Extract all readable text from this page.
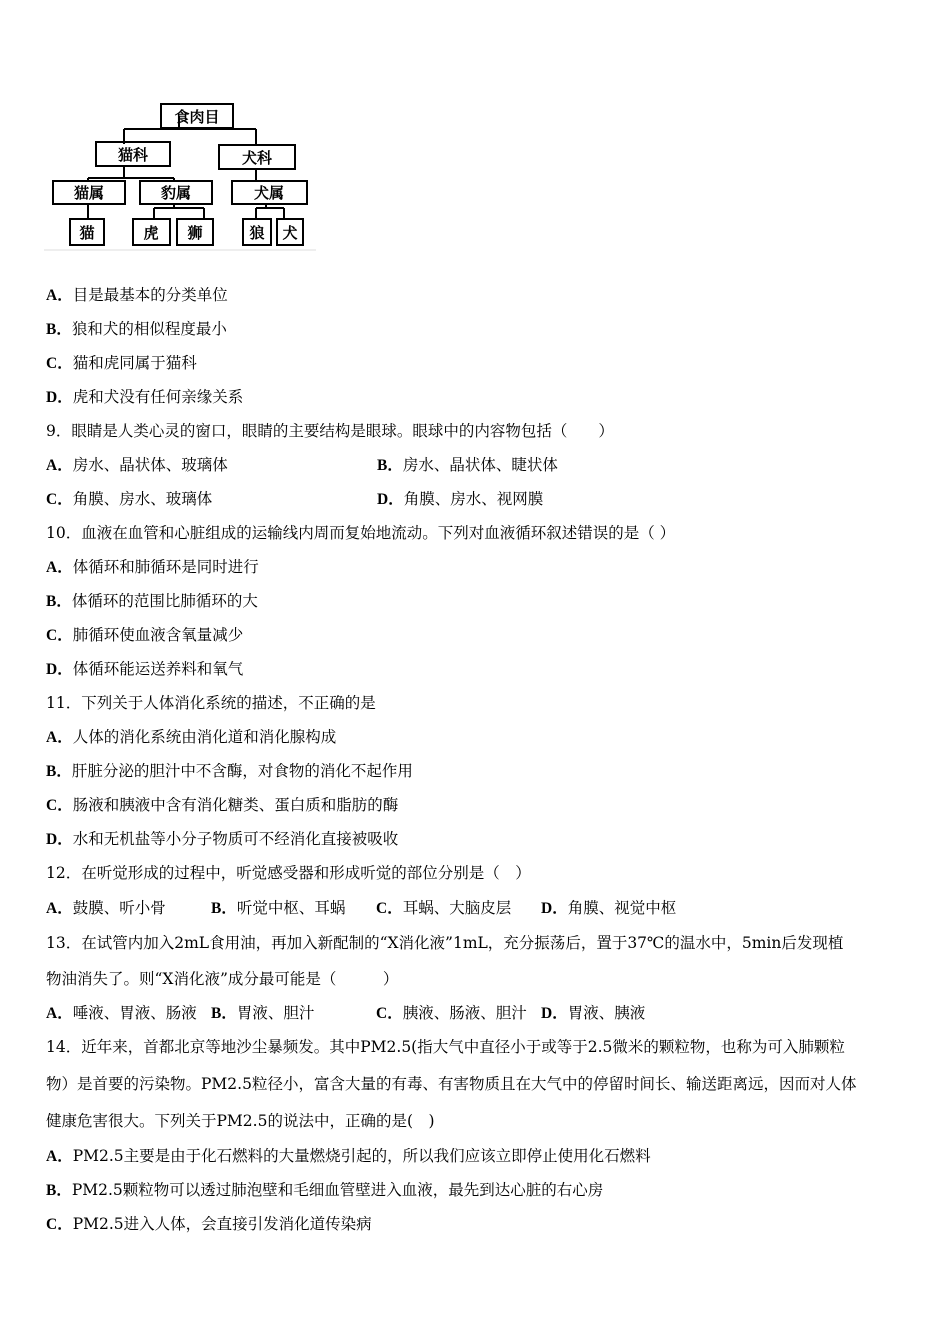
食肉目
猫科	犬科
猫属	豹属	犬属
猫	虎 狮	狼 犬
A．目是最基本的分类单位
B．狼和犬的相似程度最小
C．猫和虎同属于猫科
D．虎和犬没有任何亲缘关系
9．眼睛是人类心灵的窗口，眼睛的主要结构是眼球。眼球中的内容物包括（　　）
A．房水、晶状体、玻璃体	B．房水、晶状体、睫状体
C．角膜、房水、玻璃体	D．角膜、房水、视网膜
10．血液在血管和心脏组成的运输线内周而复始地流动。下列对血液循环叙述错误的是（ ）
A．体循环和肺循环是同时进行
B．体循环的范围比肺循环的大
C．肺循环使血液含氧量减少
D．体循环能运送养料和氧气
11．下列关于人体消化系统的描述，不正确的是
A．人体的消化系统由消化道和消化腺构成
B．肝脏分泌的胆汁中不含酶，对食物的消化不起作用
C．肠液和胰液中含有消化糖类、蛋白质和脂肪的酶
D．水和无机盐等小分子物质可不经消化直接被吸收
12．在听觉形成的过程中，听觉感受器和形成听觉的部位分别是（　）
A．鼓膜、听小骨	B．听觉中枢、耳蜗 C．耳蜗、大脑皮层 D．角膜、视觉中枢
13．在试管内加入2mL食用油，再加入新配制的“X消化液”1mL，充分振荡后，置于37℃的温水中，5min后发现植
物油消失了。则“X消化液”成分最可能是（　　　）
A．唾液、胃液、肠液 B．胃液、胆汁	C．胰液、肠液、胆汁 D．胃液、胰液
14．近年来，首都北京等地沙尘暴频发。其中PM2.5(指大气中直径小于或等于2.5微米的颗粒物，也称为可入肺颗粒
物）是首要的污染物。PM2.5粒径小，富含大量的有毒、有害物质且在大气中的停留时间长、输送距离远，因而对人体
健康危害很大。下列关于PM2.5的说法中，正确的是(　)
A．PM2.5主要是由于化石燃料的大量燃烧引起的，所以我们应该立即停止使用化石燃料
B．PM2.5颗粒物可以透过肺泡壁和毛细血管壁进入血液，最先到达心脏的右心房
C．PM2.5进入人体，会直接引发消化道传染病
